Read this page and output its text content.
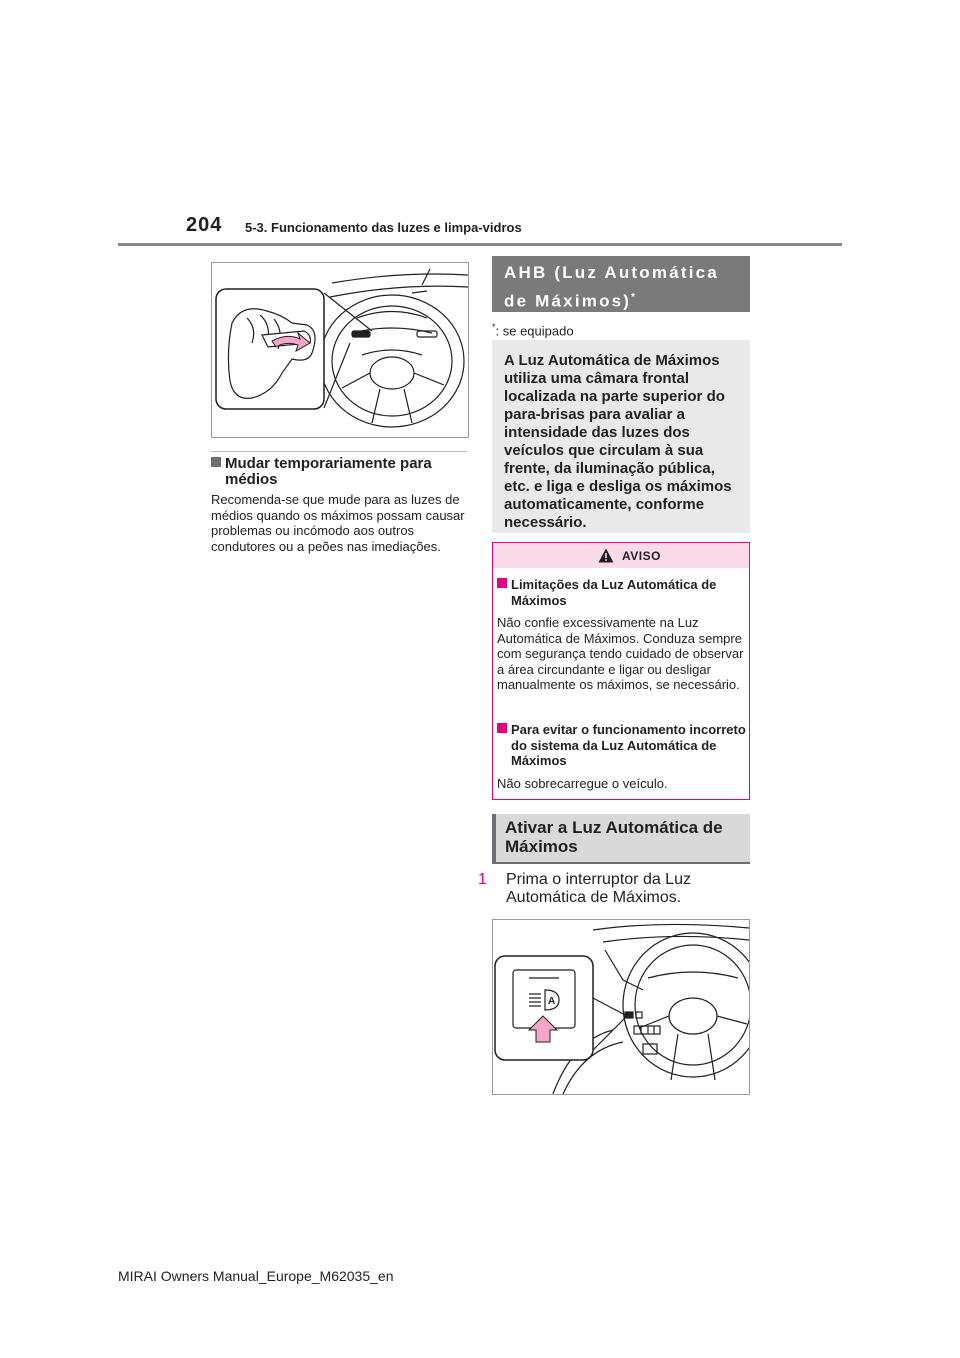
204 5-3. Funcionamento das luzes e limpa-vidros
Mudar temporariamente para médios
Recomenda-se que mude para as luzes de médios quando os máximos possam causar problemas ou incómodo aos outros condutores ou a peões nas imediações.
AHB (Luz Automática de Máximos)*
*: se equipado
A Luz Automática de Máximos utiliza uma câmara frontal localizada na parte superior do para-brisas para avaliar a intensidade das luzes dos veículos que circulam à sua frente, da iluminação pública, etc. e liga e desliga os máximos automaticamente, conforme necessário.
AVISO
Limitações da Luz Automática de Máximos
Não confie excessivamente na Luz Automática de Máximos. Conduza sempre com segurança tendo cuidado de observar a área circundante e ligar ou desligar manualmente os máximos, se necessário.
Para evitar o funcionamento incorreto do sistema da Luz Automática de Máximos
Não sobrecarregue o veículo.
Ativar a Luz Automática de Máximos
1 Prima o interruptor da Luz Automática de Máximos.
A
MIRAI Owners Manual_Europe_M62035_en
